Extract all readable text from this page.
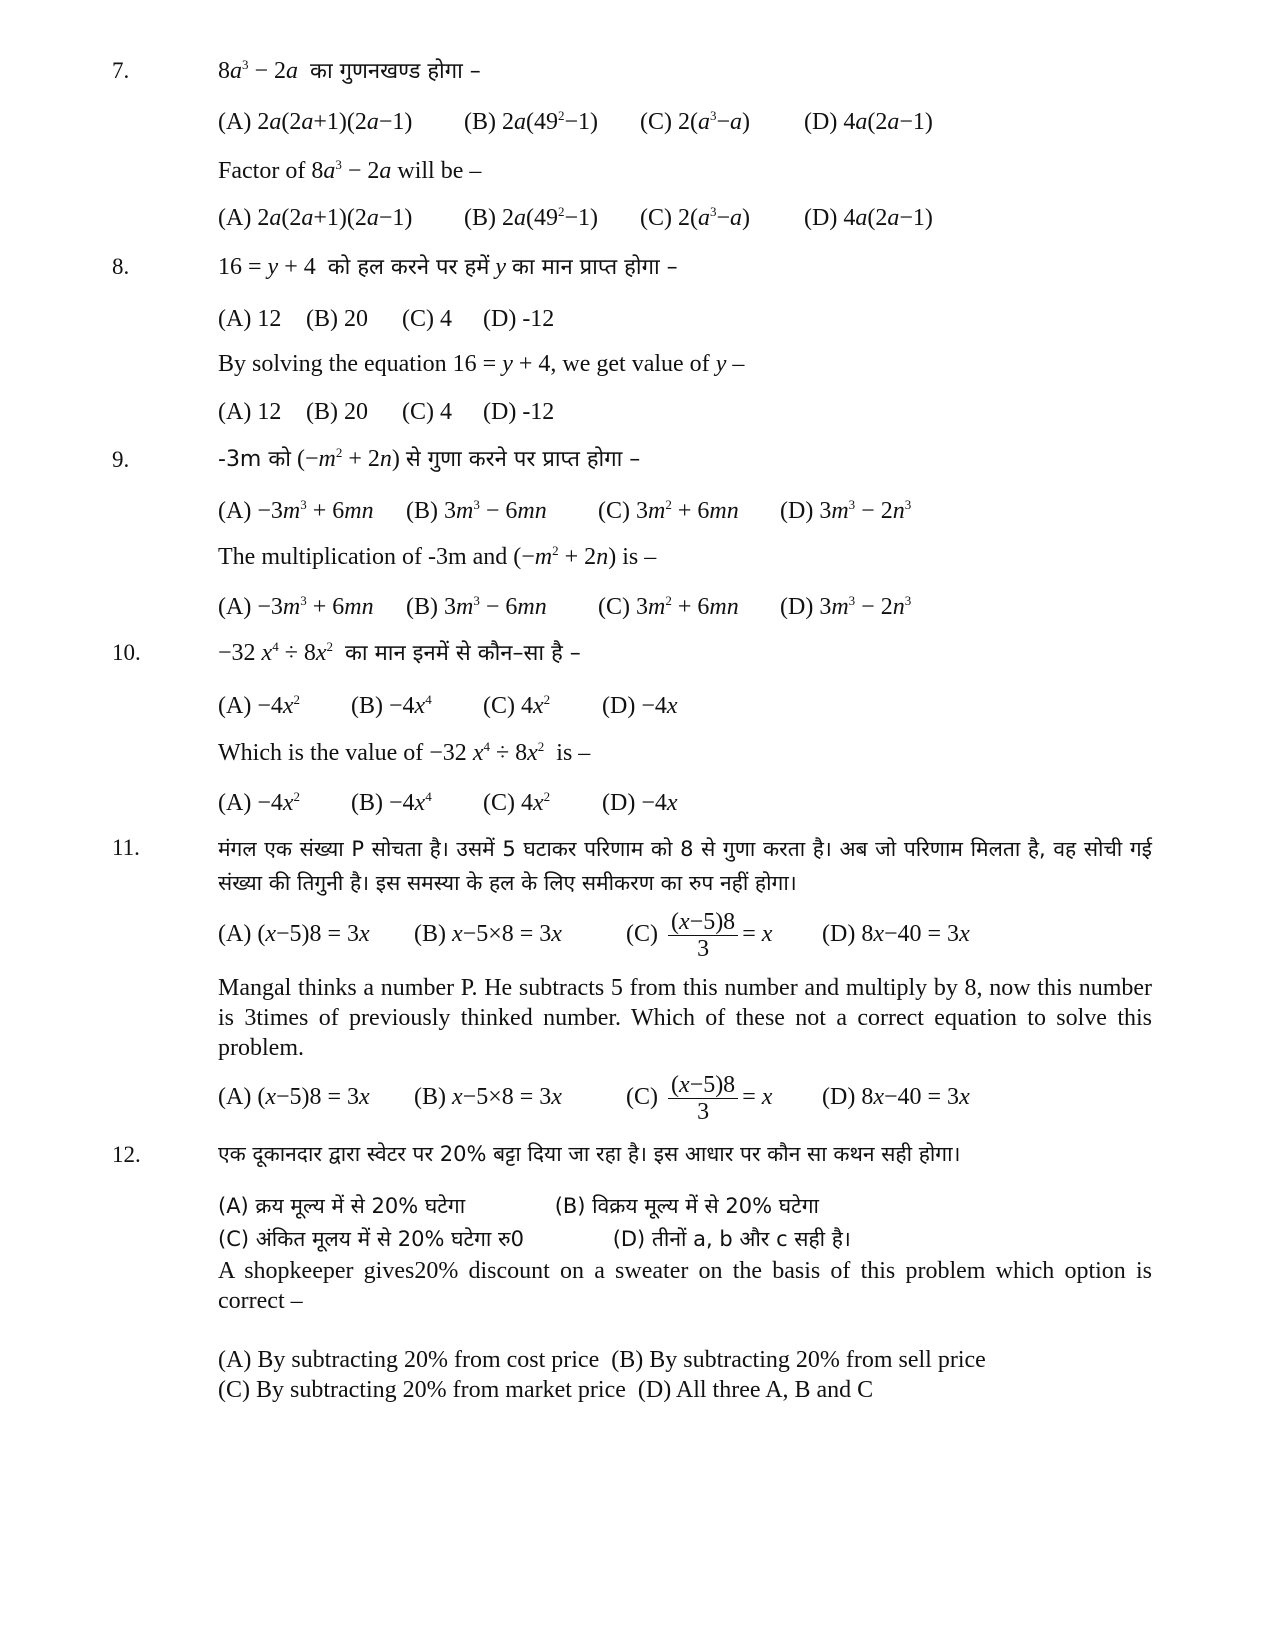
7.	$8a^3 - 2a$ का गुणनखण्ड होगा –
(A) 2a(2a+1)(2a−1) (B) $2a(49^2-1)$ (C) $2(a^3-a)$ (D) 4a(2a−1)
Factor of $8a^3 - 2a$ will be –
(A) 2a(2a+1)(2a−1) (B) $2a(49^2-1)$ (C) $2(a^3-a)$ (D) 4a(2a−1)
8.	16 = y + 4 को हल करने पर हमें y का मान प्राप्त होगा –
(A) 12 (B) 20 (C) 4 (D) -12
By solving the equation 16 = y + 4, we get value of y –
(A) 12 (B) 20 (C) 4 (D) -12
9.	-3m को $(-m^2 + 2n)$ से गुणा करने पर प्राप्त होगा –
$(A) -3m^3 + 6mn$ (B) $3m^3 - 6mn$ (C) $3m^2 + 6mn$ (D) $3m^3 - 2n^3$
The multiplication of -3m and $(-m^2 + 2n)$ is –
$(A) -3m^3 + 6mn$ (B) $3m^3 - 6mn$ (C) $3m^2 + 6mn$ (D) $3m^3 - 2n^3$
10.	−32 $x^4 \div 8x^2$ का मान इनमें से कौन–सा है –
$(A) -4x^2$ $(B) -4x^4$ (C) $4x^2$ (D) −4x
Which is the value of −32 $x^4 \div 8x^2$ is –
$(A) -4x^2$ $(B) -4x^4$ (C) $4x^2$ (D) −4x
11.	मंगल एक संख्या P सोचता है। उसमें 5 घटाकर परिणाम को 8 से गुणा करता है। अब जो परिणाम मिलता है, वह सोची गई संख्या की तिगुनी है। इस समस्या के हल के लिए समीकरण का रुप नहीं होगा।
(A) (x−5)8 = 3x (B) x−5×8 = 3x	$(C) \frac{(x-5)8}{3} = x$ (D) 8x−40 = 3x
Mangal thinks a number P. He subtracts 5 from this number and multiply by 8, now this number is 3times of previously thinked number. Which of these not a correct equation to solve this problem.
(A) (x−5)8 = 3x (B) x−5×8 = 3x	$(C) \frac{(x-5)8}{3} = x$ (D) 8x−40 = 3x
12.	एक दूकानदार द्वारा स्वेटर पर 20% बट्टा दिया जा रहा है। इस आधार पर कौन सा कथन सही होगा।
(A) क्रय मूल्य में से 20% घटेगा	(B) विक्रय मूल्य में से 20% घटेगा
(C) अंकित मूलय में से 20% घटेगा रु0	(D) तीनों a, b और c सही है।
A shopkeeper gives20% discount on a sweater on the basis of this problem which option is correct –
(A) By subtracting 20% from cost price (B) By subtracting 20% from sell price
(C) By subtracting 20% from market price (D) All three A, B and C
